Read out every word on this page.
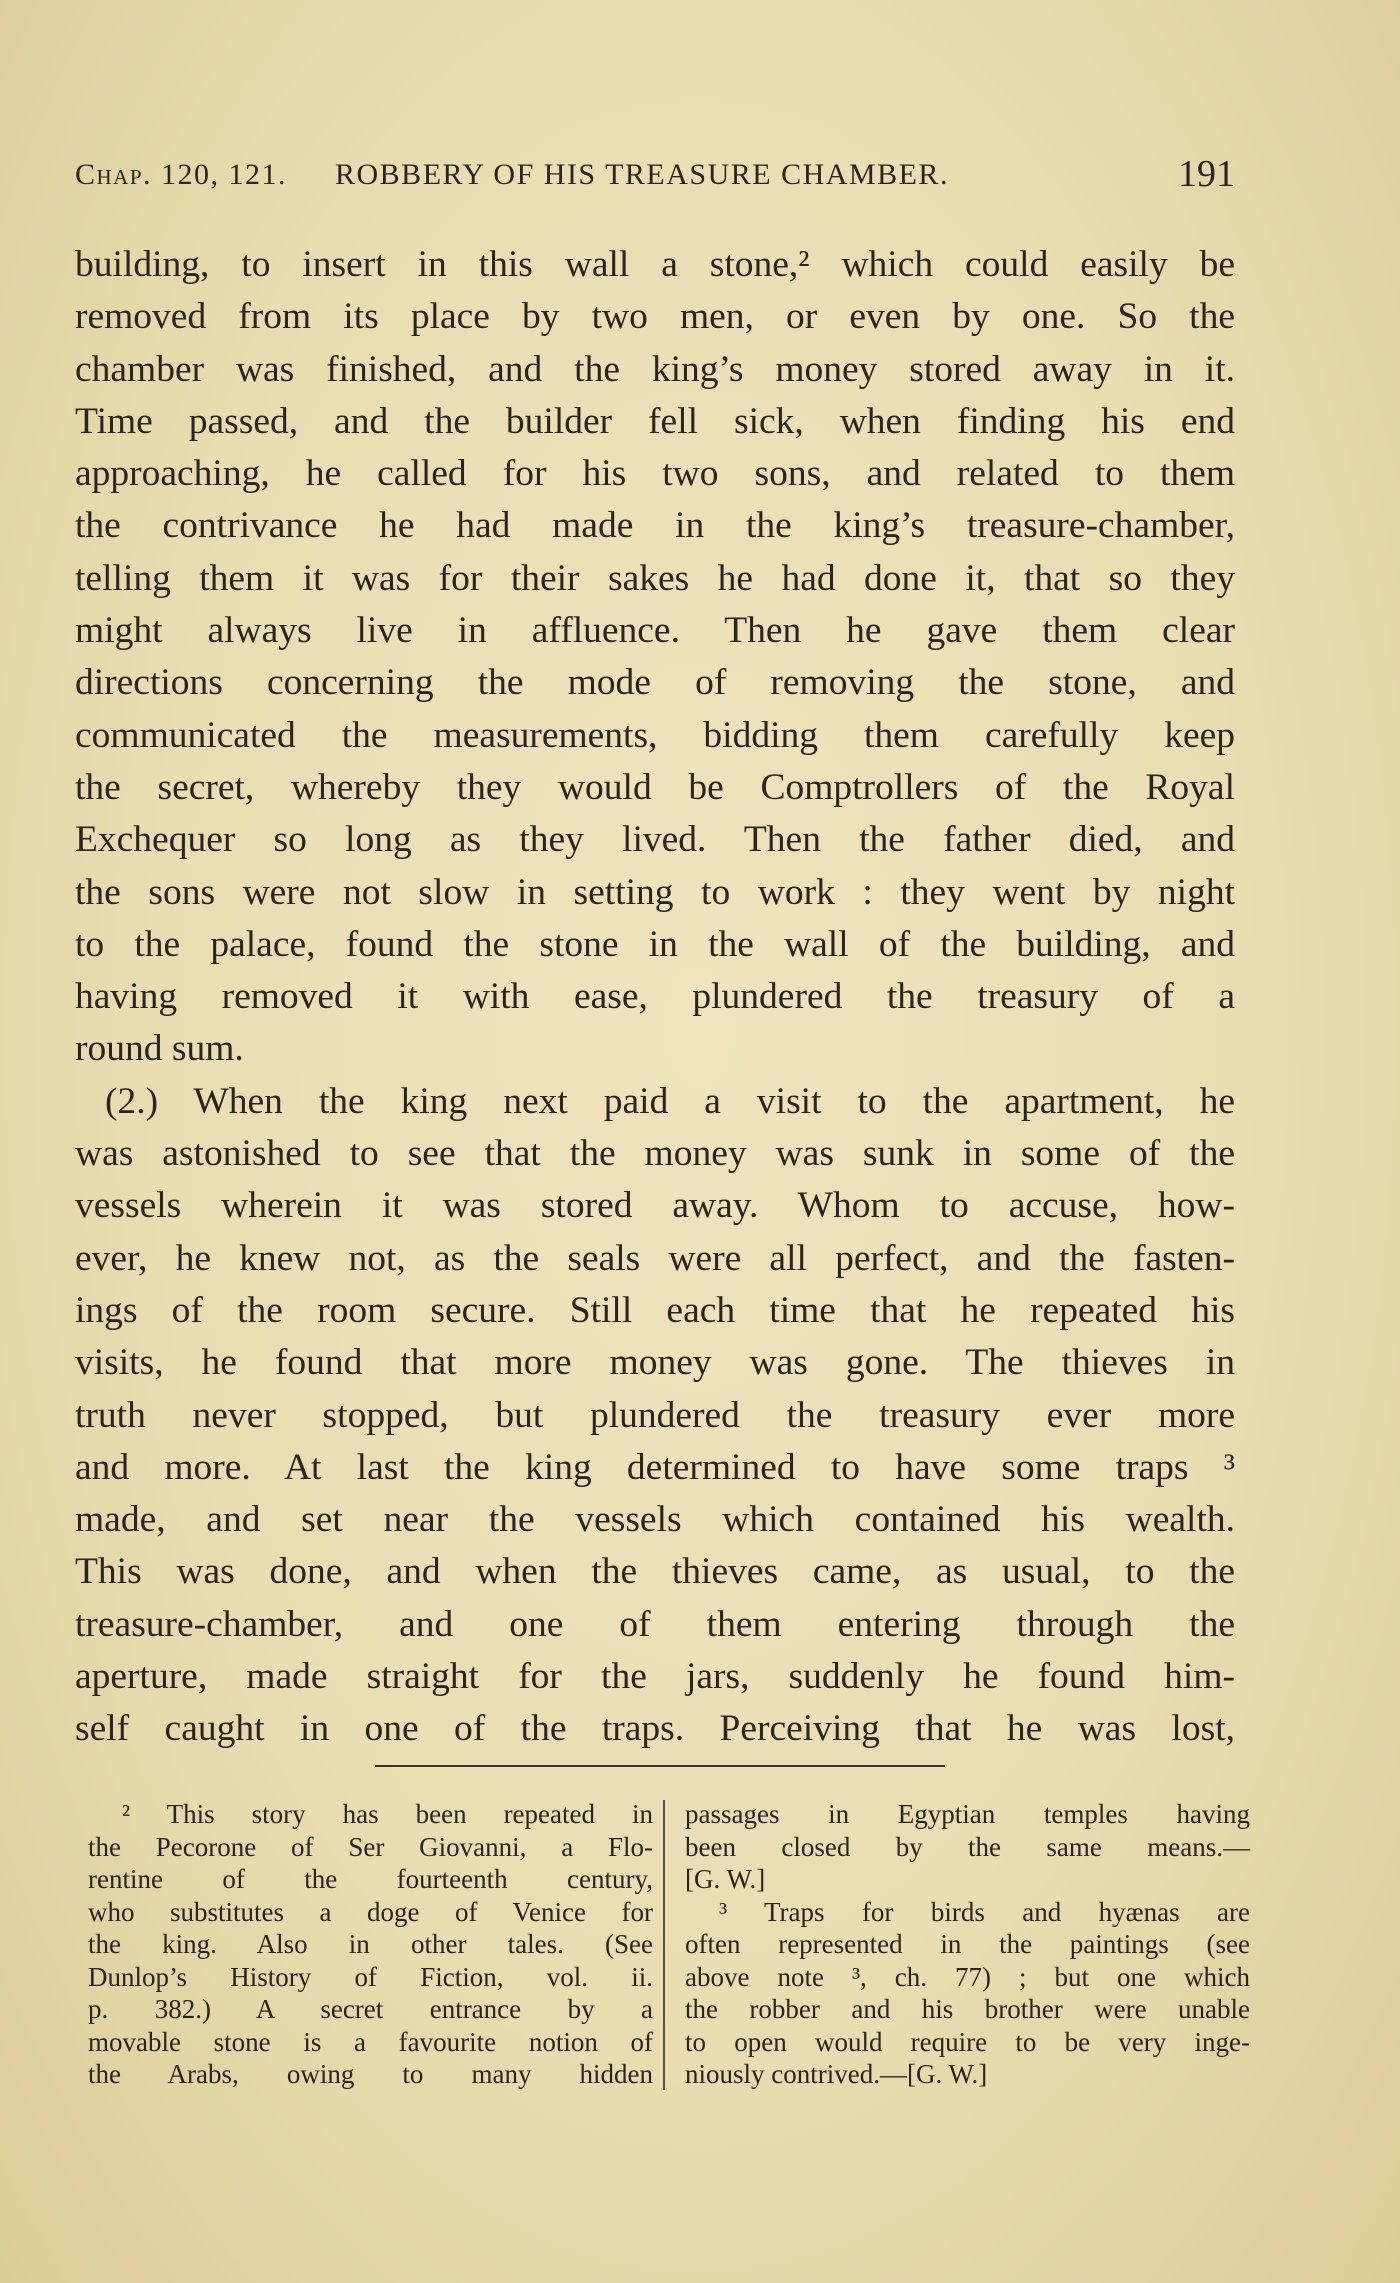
Chap. 120, 121. ROBBERY OF HIS TREASURE CHAMBER.	191
building, to insert in this wall a stone,² which could easily be
removed from its place by two men, or even by one. So the
chamber was finished, and the king’s money stored away in it.
Time passed, and the builder fell sick, when finding his end
approaching, he called for his two sons, and related to them
the contrivance he had made in the king’s treasure-chamber,
telling them it was for their sakes he had done it, that so they
might always live in affluence. Then he gave them clear
directions concerning the mode of removing the stone, and
communicated the measurements, bidding them carefully keep
the secret, whereby they would be Comptrollers of the Royal
Exchequer so long as they lived. Then the father died, and
the sons were not slow in setting to work : they went by night
to the palace, found the stone in the wall of the building, and
having removed it with ease, plundered the treasury of a
round sum.
(2.) When the king next paid a visit to the apartment, he
was astonished to see that the money was sunk in some of the
vessels wherein it was stored away. Whom to accuse, how-
ever, he knew not, as the seals were all perfect, and the fasten-
ings of the room secure. Still each time that he repeated his
visits, he found that more money was gone. The thieves in
truth never stopped, but plundered the treasury ever more
and more. At last the king determined to have some traps ³
made, and set near the vessels which contained his wealth.
This was done, and when the thieves came, as usual, to the
treasure-chamber, and one of them entering through the
aperture, made straight for the jars, suddenly he found him-
self caught in one of the traps. Perceiving that he was lost,
² This story has been repeated in
the Pecorone of Ser Giovanni, a Flo-
rentine of the fourteenth century,
who substitutes a doge of Venice for
the king. Also in other tales. (See
Dunlop’s History of Fiction, vol. ii.
p. 382.) A secret entrance by a
movable stone is a favourite notion of
the Arabs, owing to many hidden
passages in Egyptian temples having
been closed by the same means.—
[G. W.]
³ Traps for birds and hyænas are
often represented in the paintings (see
above note ³, ch. 77) ; but one which
the robber and his brother were unable
to open would require to be very inge-
niously contrived.—[G. W.]
